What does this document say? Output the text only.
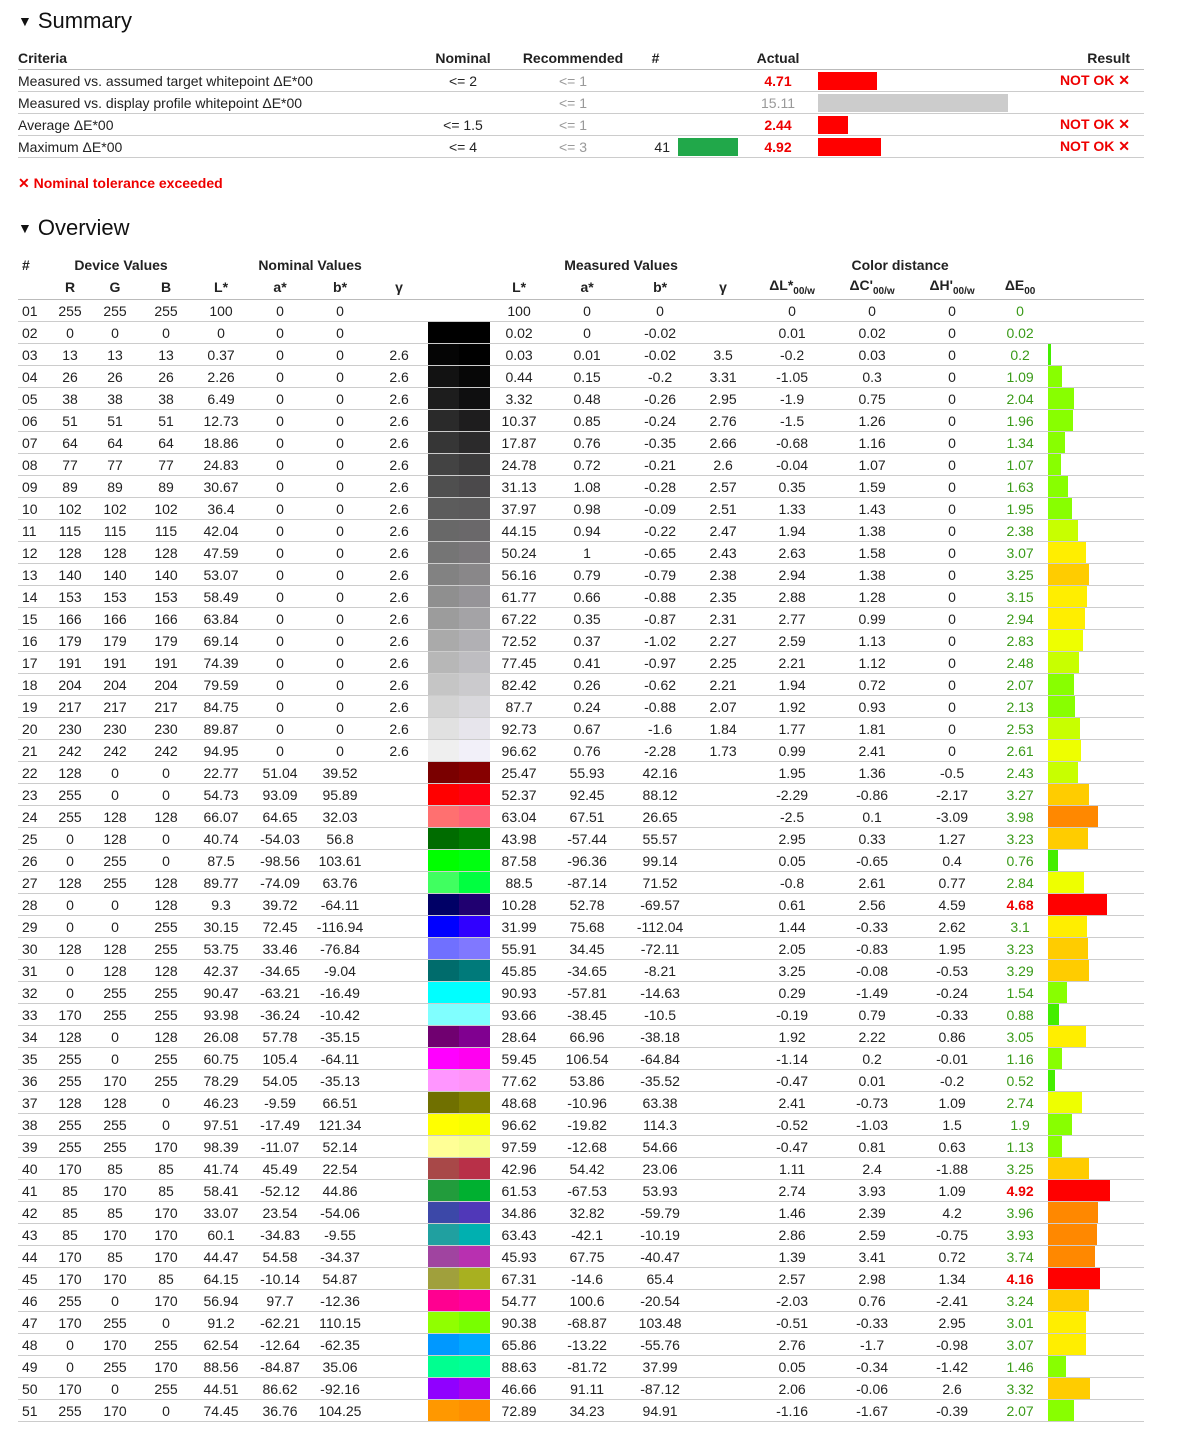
▼ Summary
Criteria	Nominal	Recommended	#		Actual		Result
Measured vs. assumed target whitepoint ΔE*00	<= 2	<= 1			4.71		NOT OK ✕
Measured vs. display profile whitepoint ΔE*00		<= 1			15.11		
Average ΔE*00	<= 1.5	<= 1			2.44		NOT OK ✕
Maximum ΔE*00	<= 4	<= 3	41		4.92		NOT OK ✕
✕ Nominal tolerance exceeded
▼ Overview
#	Device Values			Nominal Values					Measured Values				Color distance				
	R	G	B	L*	a*	b*	γ		L*	a*	b*	γ	$\Delta L*_{00/w}$	$\Delta C'_{00/w}$	$\Delta H'_{00/w}$	$\Delta E_{00}$	
01	255	255	255	100	0	0			100	0	0		0	0	0	0	
02	0	0	0	0	0	0			0.02	0	-0.02		0.01	0.02	0	0.02	

03	13	13	13	0.37	0	0	2.6		0.03	0.01	-0.02	3.5	-0.2	0.03	0	0.2	

04	26	26	26	2.26	0	0	2.6		0.44	0.15	-0.2	3.31	-1.05	0.3	0	1.09	

05	38	38	38	6.49	0	0	2.6		3.32	0.48	-0.26	2.95	-1.9	0.75	0	2.04	

06	51	51	51	12.73	0	0	2.6		10.37	0.85	-0.24	2.76	-1.5	1.26	0	1.96	

07	64	64	64	18.86	0	0	2.6		17.87	0.76	-0.35	2.66	-0.68	1.16	0	1.34	

08	77	77	77	24.83	0	0	2.6		24.78	0.72	-0.21	2.6	-0.04	1.07	0	1.07	

09	89	89	89	30.67	0	0	2.6		31.13	1.08	-0.28	2.57	0.35	1.59	0	1.63	

10	102	102	102	36.4	0	0	2.6		37.97	0.98	-0.09	2.51	1.33	1.43	0	1.95	

11	115	115	115	42.04	0	0	2.6		44.15	0.94	-0.22	2.47	1.94	1.38	0	2.38	

12	128	128	128	47.59	0	0	2.6		50.24	1	-0.65	2.43	2.63	1.58	0	3.07	

13	140	140	140	53.07	0	0	2.6		56.16	0.79	-0.79	2.38	2.94	1.38	0	3.25	

14	153	153	153	58.49	0	0	2.6		61.77	0.66	-0.88	2.35	2.88	1.28	0	3.15	

15	166	166	166	63.84	0	0	2.6		67.22	0.35	-0.87	2.31	2.77	0.99	0	2.94	

16	179	179	179	69.14	0	0	2.6		72.52	0.37	-1.02	2.27	2.59	1.13	0	2.83	

17	191	191	191	74.39	0	0	2.6		77.45	0.41	-0.97	2.25	2.21	1.12	0	2.48	

18	204	204	204	79.59	0	0	2.6		82.42	0.26	-0.62	2.21	1.94	0.72	0	2.07	

19	217	217	217	84.75	0	0	2.6		87.7	0.24	-0.88	2.07	1.92	0.93	0	2.13	

20	230	230	230	89.87	0	0	2.6		92.73	0.67	-1.6	1.84	1.77	1.81	0	2.53	

21	242	242	242	94.95	0	0	2.6		96.62	0.76	-2.28	1.73	0.99	2.41	0	2.61	

22	128	0	0	22.77	51.04	39.52			25.47	55.93	42.16		1.95	1.36	-0.5	2.43	

23	255	0	0	54.73	93.09	95.89			52.37	92.45	88.12		-2.29	-0.86	-2.17	3.27	

24	255	128	128	66.07	64.65	32.03			63.04	67.51	26.65		-2.5	0.1	-3.09	3.98	

25	0	128	0	40.74	-54.03	56.8			43.98	-57.44	55.57		2.95	0.33	1.27	3.23	

26	0	255	0	87.5	-98.56	103.61			87.58	-96.36	99.14		0.05	-0.65	0.4	0.76	

27	128	255	128	89.77	-74.09	63.76			88.5	-87.14	71.52		-0.8	2.61	0.77	2.84	

28	0	0	128	9.3	39.72	-64.11			10.28	52.78	-69.57		0.61	2.56	4.59	4.68	

29	0	0	255	30.15	72.45	-116.94			31.99	75.68	-112.04		1.44	-0.33	2.62	3.1	

30	128	128	255	53.75	33.46	-76.84			55.91	34.45	-72.11		2.05	-0.83	1.95	3.23	

31	0	128	128	42.37	-34.65	-9.04			45.85	-34.65	-8.21		3.25	-0.08	-0.53	3.29	

32	0	255	255	90.47	-63.21	-16.49			90.93	-57.81	-14.63		0.29	-1.49	-0.24	1.54	

33	170	255	255	93.98	-36.24	-10.42			93.66	-38.45	-10.5		-0.19	0.79	-0.33	0.88	

34	128	0	128	26.08	57.78	-35.15			28.64	66.96	-38.18		1.92	2.22	0.86	3.05	

35	255	0	255	60.75	105.4	-64.11			59.45	106.54	-64.84		-1.14	0.2	-0.01	1.16	

36	255	170	255	78.29	54.05	-35.13			77.62	53.86	-35.52		-0.47	0.01	-0.2	0.52	

37	128	128	0	46.23	-9.59	66.51			48.68	-10.96	63.38		2.41	-0.73	1.09	2.74	

38	255	255	0	97.51	-17.49	121.34			96.62	-19.82	114.3		-0.52	-1.03	1.5	1.9	

39	255	255	170	98.39	-11.07	52.14			97.59	-12.68	54.66		-0.47	0.81	0.63	1.13	

40	170	85	85	41.74	45.49	22.54			42.96	54.42	23.06		1.11	2.4	-1.88	3.25	

41	85	170	85	58.41	-52.12	44.86			61.53	-67.53	53.93		2.74	3.93	1.09	4.92	

42	85	85	170	33.07	23.54	-54.06			34.86	32.82	-59.79		1.46	2.39	4.2	3.96	

43	85	170	170	60.1	-34.83	-9.55			63.43	-42.1	-10.19		2.86	2.59	-0.75	3.93	

44	170	85	170	44.47	54.58	-34.37			45.93	67.75	-40.47		1.39	3.41	0.72	3.74	

45	170	170	85	64.15	-10.14	54.87			67.31	-14.6	65.4		2.57	2.98	1.34	4.16	

46	255	0	170	56.94	97.7	-12.36			54.77	100.6	-20.54		-2.03	0.76	-2.41	3.24	

47	170	255	0	91.2	-62.21	110.15			90.38	-68.87	103.48		-0.51	-0.33	2.95	3.01	

48	0	170	255	62.54	-12.64	-62.35			65.86	-13.22	-55.76		2.76	-1.7	-0.98	3.07	

49	0	255	170	88.56	-84.87	35.06			88.63	-81.72	37.99		0.05	-0.34	-1.42	1.46	

50	170	0	255	44.51	86.62	-92.16			46.66	91.11	-87.12		2.06	-0.06	2.6	3.32	

51	255	170	0	74.45	36.76	104.25			72.89	34.23	94.91		-1.16	-1.67	-0.39	2.07	
